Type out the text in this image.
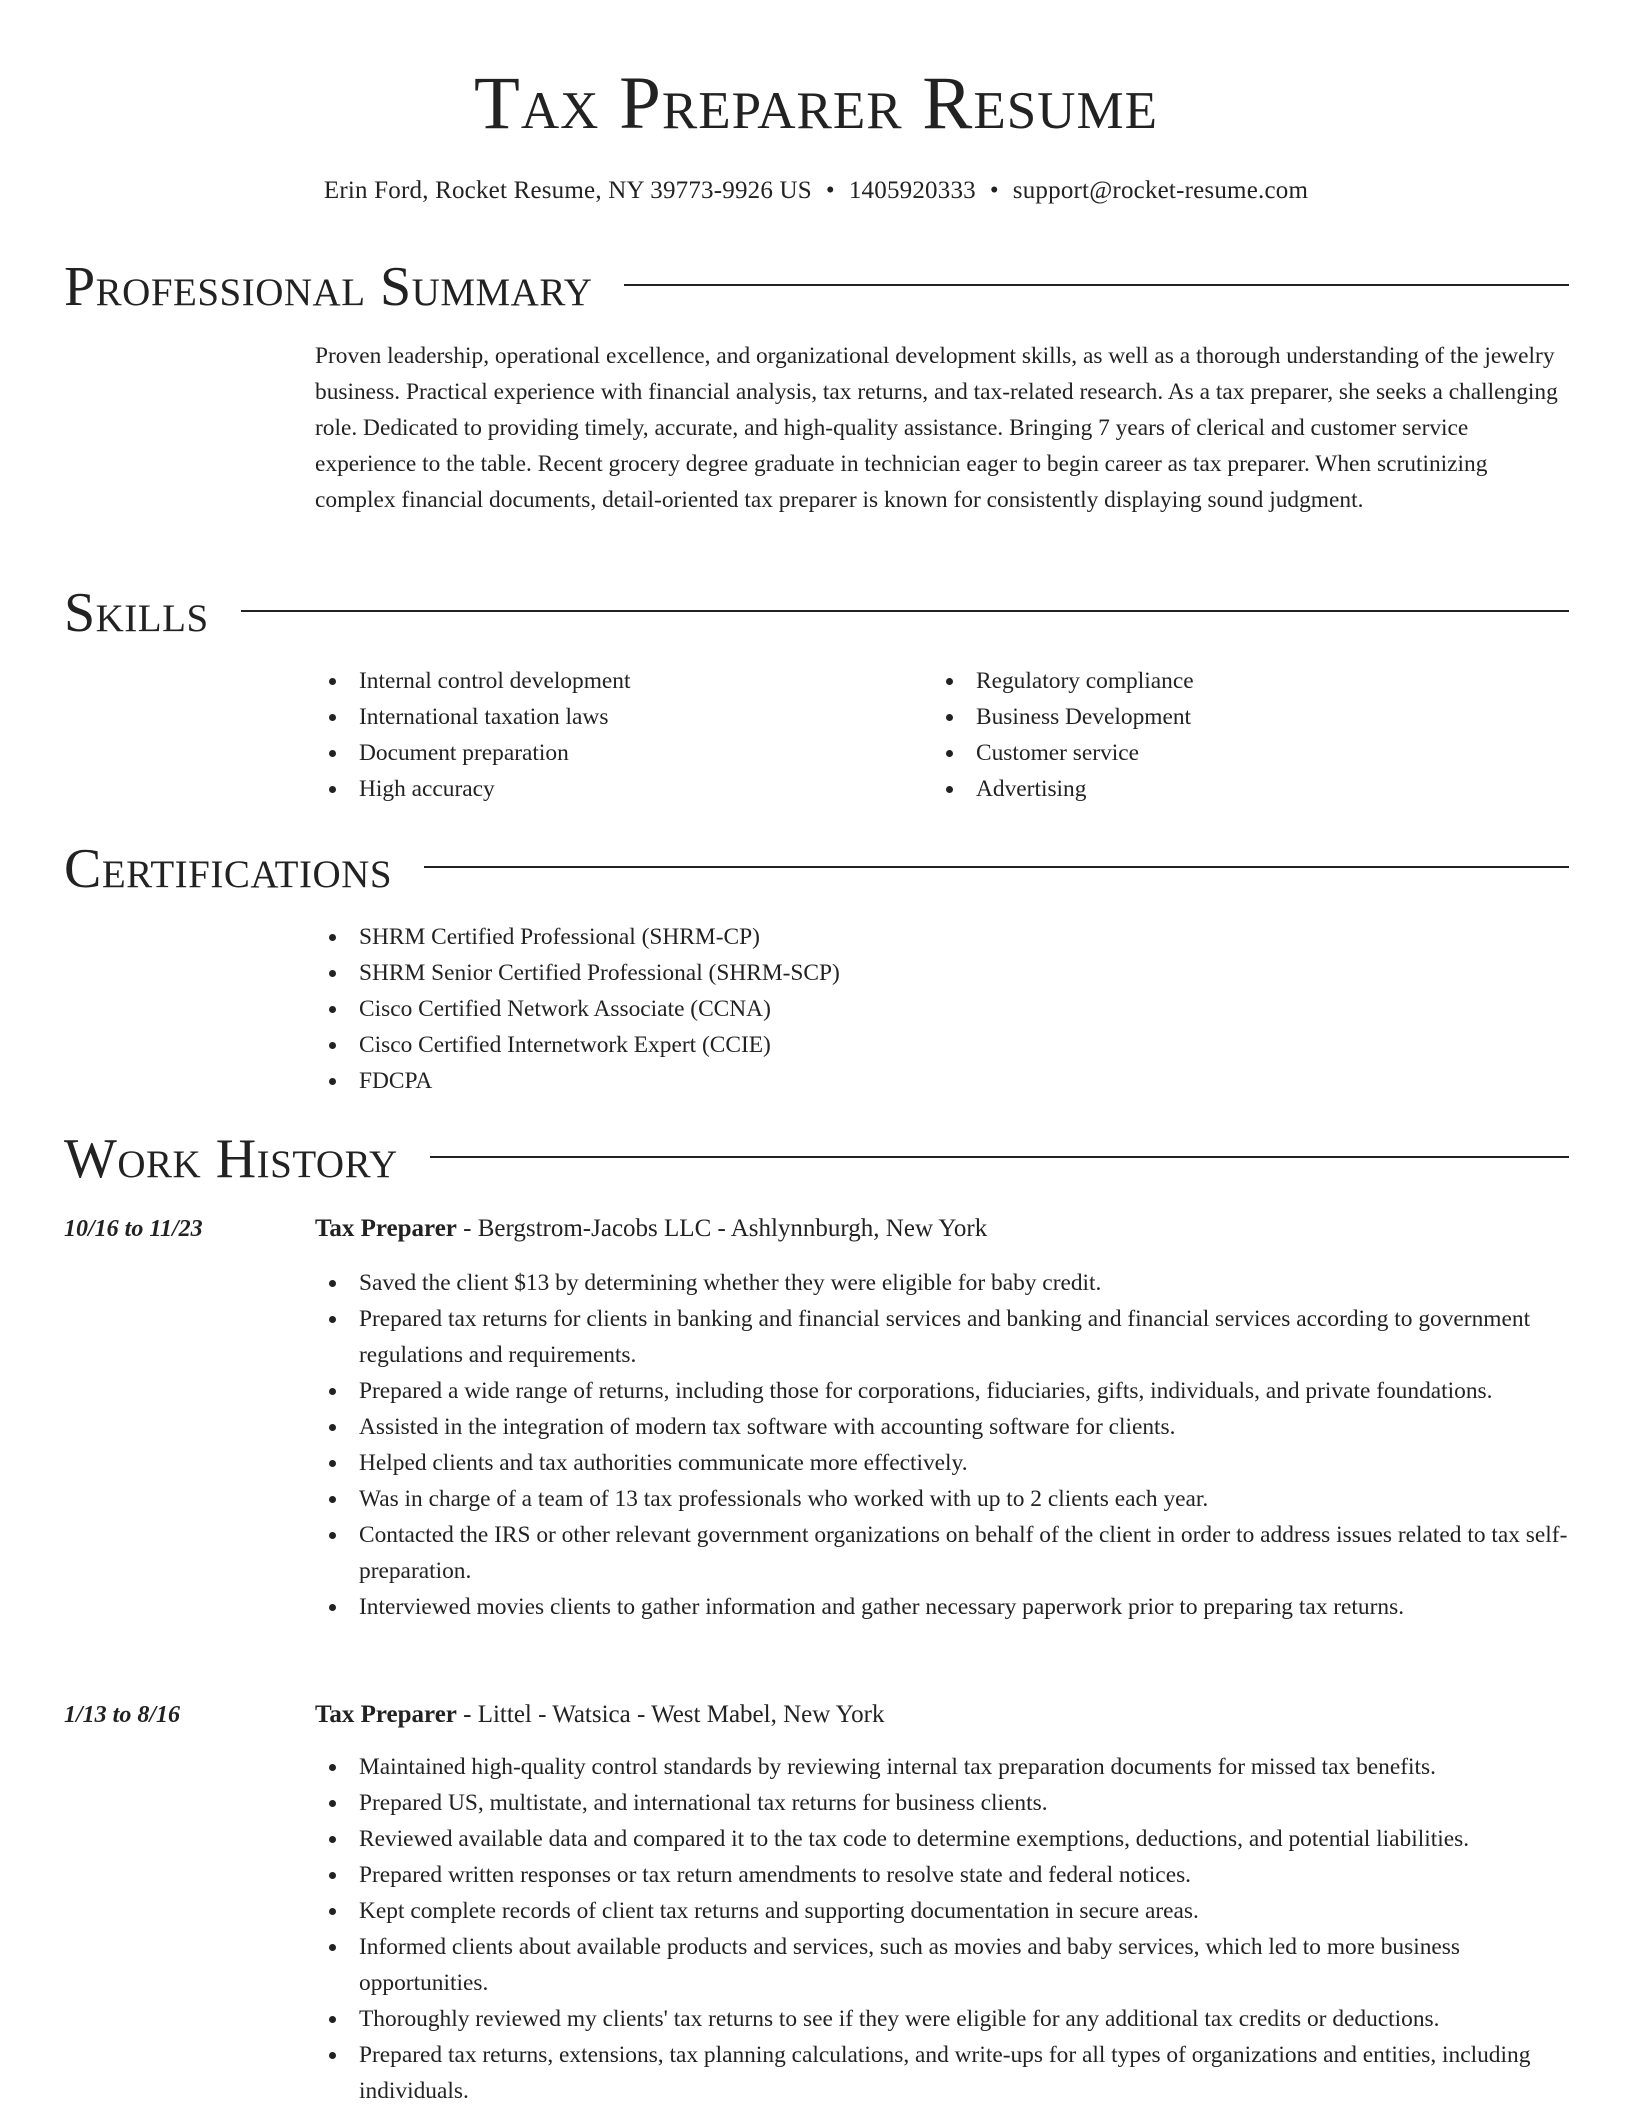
Tax Preparer Resume
Erin Ford, Rocket Resume, NY 39773-9926 US • 1405920333 • support@rocket-resume.com
Professional Summary

Proven leadership, operational excellence, and organizational development skills, as well as a thorough understanding of the jewelry business. Practical experience with financial analysis, tax returns, and tax-related research. As a tax preparer, she seeks a challenging role. Dedicated to providing timely, accurate, and high-quality assistance. Bringing 7 years of clerical and customer service experience to the table. Recent grocery degree graduate in technician eager to begin career as tax preparer. When scrutinizing complex financial documents, detail-oriented tax preparer is known for consistently displaying sound judgment.

Skills
Internal control development
International taxation laws
Document preparation
High accuracy
Regulatory compliance
Business Development
Customer service
Advertising
Certifications
SHRM Certified Professional (SHRM-CP)
SHRM Senior Certified Professional (SHRM-SCP)
Cisco Certified Network Associate (CCNA)
Cisco Certified Internetwork Expert (CCIE)
FDCPA
Work History
10/16 to 11/23	Tax Preparer - Bergstrom-Jacobs LLC - Ashlynnburgh, New York
Saved the client $13 by determining whether they were eligible for baby credit.
Prepared tax returns for clients in banking and financial services and banking and financial services according to government regulations and requirements.
Prepared a wide range of returns, including those for corporations, fiduciaries, gifts, individuals, and private foundations.
Assisted in the integration of modern tax software with accounting software for clients.
Helped clients and tax authorities communicate more effectively.
Was in charge of a team of 13 tax professionals who worked with up to 2 clients each year.
Contacted the IRS or other relevant government organizations on behalf of the client in order to address issues related to tax self-preparation.
Interviewed movies clients to gather information and gather necessary paperwork prior to preparing tax returns.
1/13 to 8/16	Tax Preparer - Littel - Watsica - West Mabel, New York
Maintained high-quality control standards by reviewing internal tax preparation documents for missed tax benefits.
Prepared US, multistate, and international tax returns for business clients.
Reviewed available data and compared it to the tax code to determine exemptions, deductions, and potential liabilities.
Prepared written responses or tax return amendments to resolve state and federal notices.
Kept complete records of client tax returns and supporting documentation in secure areas.
Informed clients about available products and services, such as movies and baby services, which led to more business opportunities.
Thoroughly reviewed my clients' tax returns to see if they were eligible for any additional tax credits or deductions.
Prepared tax returns, extensions, tax planning calculations, and write-ups for all types of organizations and entities, including individuals.
